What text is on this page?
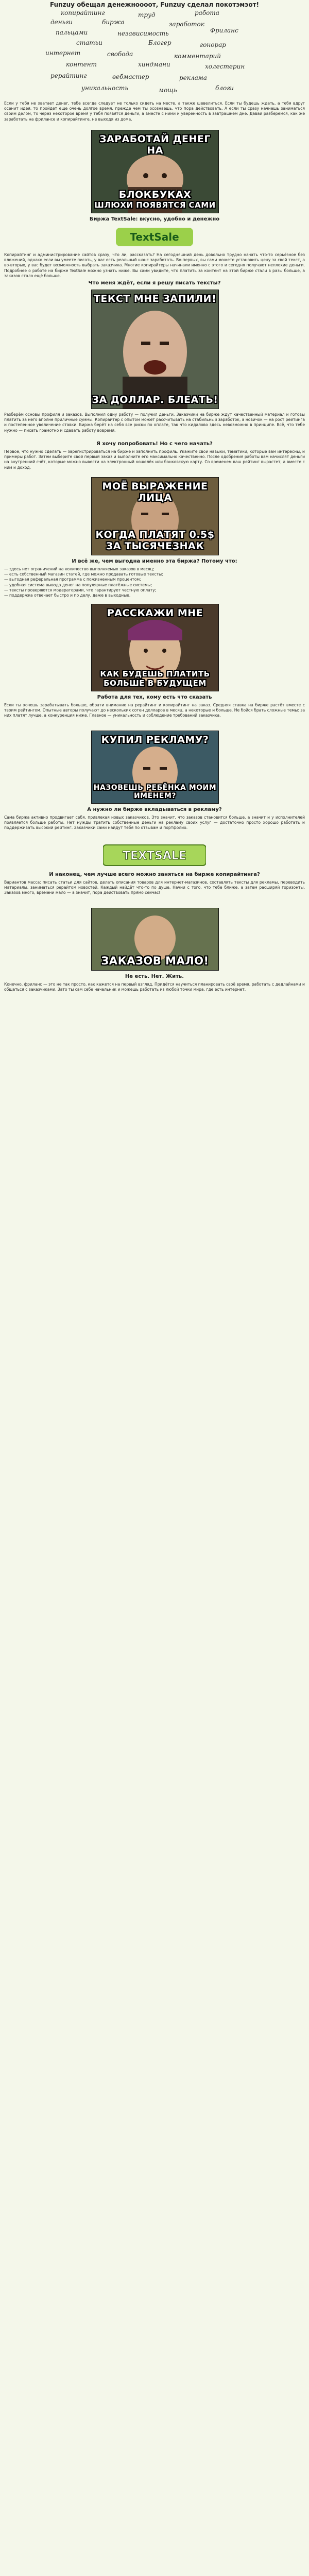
Funzuy обещал денежноооот, Funzuy сделал покотэмэот!
копирайтинг	труд	работа
деньги	биржа	заработок
Фриланс
пальцами	независимость
статьи	Блогер	гонорар
интернет	свобода	комментарий
контент	хиндмани	холестерин
рерайтинг	вебмастер	реклама
уникальность	мощь	блоги
Если у тебя не хватает денег, тебе всегда следует не только сидеть на месте, а также шевелиться. Если ты будешь ждать, а тебя вдруг осенит идея, то пройдет еще очень долгое время, прежде чем ты осознаешь, что пора действовать. А если ты сразу начнешь заниматься своим делом, то через некоторое время у тебя появятся деньги, а вместе с ними и уверенность в завтрашнем дне. Давай разберемся, как же заработать на фрилансе и копирайтинге, не выходя из дома.
ЗАРАБОТАЙ ДЕНЕГ НА
БЛОКБУКАХ
ШЛЮХИ ПОЯВЯТСЯ САМИ
Биржа TextSale: вкусно, удобно и денежно
TextSale
Копирайтинг и администрирование сайтов сразу, что ли, рассказать? На сегодняшний день довольно трудно начать что-то серьёзное без вложений, однако если вы умеете писать, у вас есть реальный шанс заработать. Во-первых, вы сами можете установить цену за свой текст, а во-вторых, у вас будет возможность выбрать заказчика. Многие копирайтеры начинали именно с этого и сегодня получают неплохие деньги. Подробнее о работе на бирже TextSale можно узнать ниже. Вы сами увидите, что платить за контент на этой бирже стали в разы больше, а заказов стало ещё больше.
Что меня ждёт, если я решу писать тексты?
ТЕКСТ МНЕ ЗАПИЛИ!
ЗА ДОЛЛАР. БЛЕАТЬ!
Разберём основы профиля и заказов. Выполнил одну работу — получил деньги. Заказчики на бирже ждут качественный материал и готовы платить за него вполне приличные суммы. Копирайтер с опытом может рассчитывать на стабильный заработок, а новичок — на рост рейтинга и постепенное увеличение ставки. Биржа берёт на себя все риски по оплате, так что кидалово здесь невозможно в принципе. Всё, что тебе нужно — писать грамотно и сдавать работу вовремя.
Я хочу попробовать! Но с чего начать?
Первое, что нужно сделать — зарегистрироваться на бирже и заполнить профиль. Укажите свои навыки, тематики, которые вам интересны, и примеры работ. Затем выберите свой первый заказ и выполните его максимально качественно. После одобрения работы вам начислят деньги на внутренний счёт, которые можно вывести на электронный кошелёк или банковскую карту. Со временем ваш рейтинг вырастет, а вместе с ним и доход.
МОЁ ВЫРАЖЕНИЕ ЛИЦА
КОГДА ПЛАТЯТ 0.5$ ЗА ТЫСЯЧЕЗНАК
И всё же, чем выгодна именно эта биржа? Потому что:
— здесь нет ограничений на количество выполняемых заказов в месяц;
— есть собственный магазин статей, где можно продавать готовые тексты;
— выгодная реферальная программа с пожизненным процентом;
— удобная система вывода денег на популярные платёжные системы;
— тексты проверяются модераторами, что гарантирует честную оплату;
— поддержка отвечает быстро и по делу, даже в выходные.
РАССКАЖИ МНЕ
КАК БУДЕШЬ ПЛАТИТЬ БОЛЬШЕ В БУДУЩЕМ
Работа для тех, кому есть что сказать
Если ты хочешь зарабатывать больше, обрати внимание на рерайтинг и копирайтинг на заказ. Средняя ставка на бирже растёт вместе с твоим рейтингом. Опытные авторы получают до нескольких сотен долларов в месяц, а некоторые и больше. Не бойся брать сложные темы: за них платят лучше, а конкуренция ниже. Главное — уникальность и соблюдение требований заказчика.
КУПИЛ РЕКЛАМУ?
НАЗОВЕШЬ РЕБЁНКА МОИМ ИМЕНЕМ?
А нужно ли бирже вкладываться в рекламу?
Сама биржа активно продвигает себя, привлекая новых заказчиков. Это значит, что заказов становится больше, а значит и у исполнителей появляется больше работы. Нет нужды тратить собственные деньги на рекламу своих услуг — достаточно просто хорошо работать и поддерживать высокий рейтинг. Заказчики сами найдут тебя по отзывам и портфолио.
TEXTSALE
И наконец, чем лучше всего можно заняться на бирже копирайтинга?
Вариантов масса: писать статьи для сайтов, делать описания товаров для интернет-магазинов, составлять тексты для рекламы, переводить материалы, заниматься рерайтом новостей. Каждый найдёт что-то по душе. Начни с того, что тебе ближе, а затем расширяй горизонты. Заказов много, времени мало — а значит, пора действовать прямо сейчас!
ЗАКАЗОВ МАЛО!
Не есть. Нет. Жить.
Конечно, фриланс — это не так просто, как кажется на первый взгляд. Придётся научиться планировать своё время, работать с дедлайнами и общаться с заказчиками. Зато ты сам себе начальник и можешь работать из любой точки мира, где есть интернет.
